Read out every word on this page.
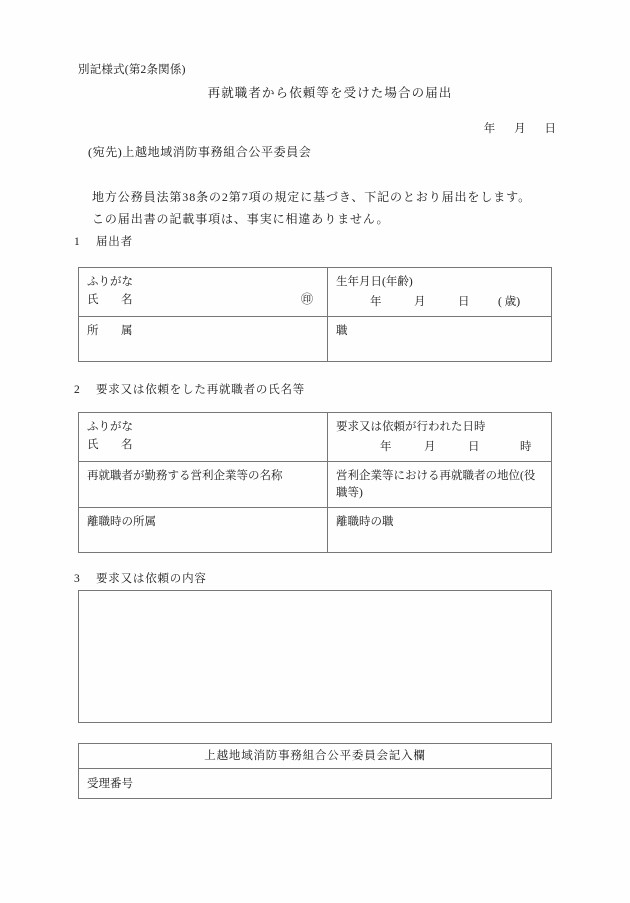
別記様式(第2条関係)
再就職者から依頼等を受けた場合の届出
年 月 日
(宛先)上越地域消防事務組合公平委員会
地方公務員法第38条の2第7項の規定に基づき、下記のとおり届出をします。
この届出書の記載事項は、事実に相違ありません。
1 届出者
ふりがな
氏 名 ㊞	生年月日(年齢)
年 月 日 ( 歳)

所 属	職
2 要求又は依頼をした再就職者の氏名等
ふりがな
氏 名	要求又は依頼が行われた日時
年 月 日 時

再就職者が勤務する営利企業等の名称	営利企業等における再就職者の地位(役職等)
離職時の所属	離職時の職
3 要求又は依頼の内容
上越地域消防事務組合公平委員会記入欄
受理番号
